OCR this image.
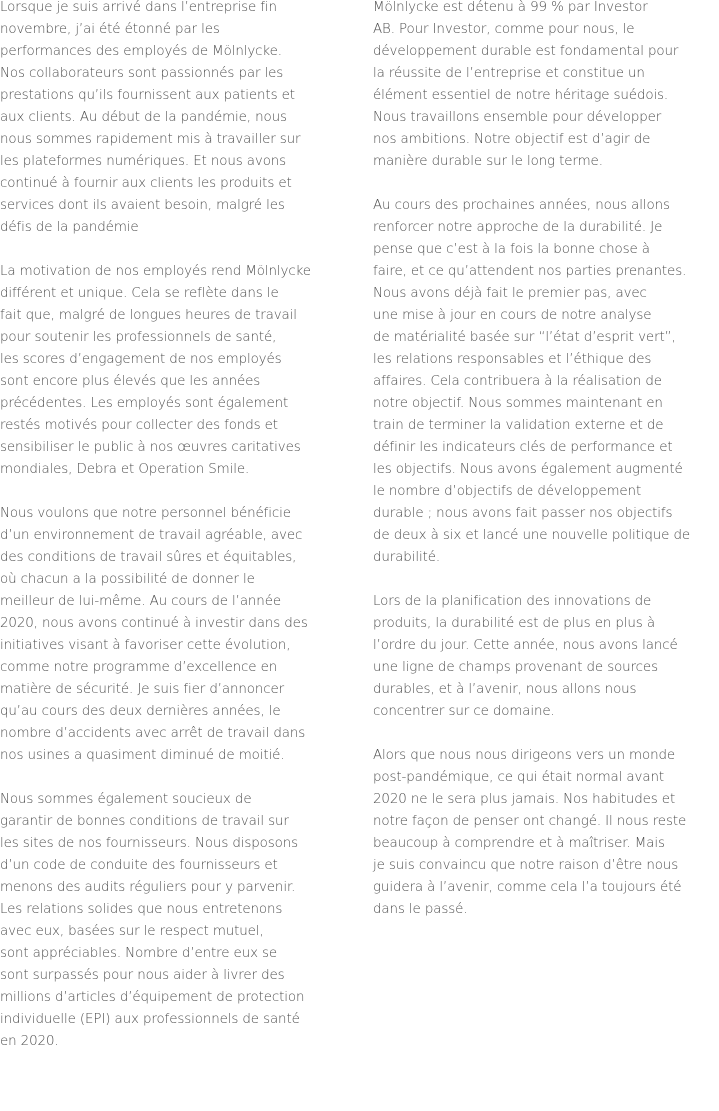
Lorsque je suis arrivé dans l’entreprise fin
novembre, j’ai été étonné par les
performances des employés de Mölnlycke.
Nos collaborateurs sont passionnés par les
prestations qu’ils fournissent aux patients et
aux clients. Au début de la pandémie, nous
nous sommes rapidement mis à travailler sur
les plateformes numériques. Et nous avons
continué à fournir aux clients les produits et
services dont ils avaient besoin, malgré les
défis de la pandémie

La motivation de nos employés rend Mölnlycke
différent et unique. Cela se reflète dans le
fait que, malgré de longues heures de travail
pour soutenir les professionnels de santé,
les scores d’engagement de nos employés
sont encore plus élevés que les années
précédentes. Les employés sont également
restés motivés pour collecter des fonds et
sensibiliser le public à nos œuvres caritatives
mondiales, Debra et Operation Smile.

Nous voulons que notre personnel bénéficie
d’un environnement de travail agréable, avec
des conditions de travail sûres et équitables,
où chacun a la possibilité de donner le
meilleur de lui-même. Au cours de l’année
2020, nous avons continué à investir dans des
initiatives visant à favoriser cette évolution,
comme notre programme d’excellence en
matière de sécurité. Je suis fier d’annoncer
qu’au cours des deux dernières années, le
nombre d’accidents avec arrêt de travail dans
nos usines a quasiment diminué de moitié.

Nous sommes également soucieux de
garantir de bonnes conditions de travail sur
les sites de nos fournisseurs. Nous disposons
d’un code de conduite des fournisseurs et
menons des audits réguliers pour y parvenir.
Les relations solides que nous entretenons
avec eux, basées sur le respect mutuel,
sont appréciables. Nombre d’entre eux se
sont surpassés pour nous aider à livrer des
millions d’articles d’équipement de protection
individuelle (EPI) aux professionnels de santé
en 2020.

Mölnlycke est détenu à 99 % par Investor
AB. Pour Investor, comme pour nous, le
développement durable est fondamental pour
la réussite de l’entreprise et constitue un
élément essentiel de notre héritage suédois.
Nous travaillons ensemble pour développer
nos ambitions. Notre objectif est d’agir de
manière durable sur le long terme.

Au cours des prochaines années, nous allons
renforcer notre approche de la durabilité. Je
pense que c’est à la fois la bonne chose à
faire, et ce qu’attendent nos parties prenantes.
Nous avons déjà fait le premier pas, avec
une mise à jour en cours de notre analyse
de matérialité basée sur “l’état d’esprit vert”,
les relations responsables et l’éthique des
affaires. Cela contribuera à la réalisation de
notre objectif. Nous sommes maintenant en
train de terminer la validation externe et de
définir les indicateurs clés de performance et
les objectifs. Nous avons également augmenté
le nombre d’objectifs de développement
durable ; nous avons fait passer nos objectifs
de deux à six et lancé une nouvelle politique de
durabilité.

Lors de la planification des innovations de
produits, la durabilité est de plus en plus à
l’ordre du jour. Cette année, nous avons lancé
une ligne de champs provenant de sources
durables, et à l’avenir, nous allons nous
concentrer sur ce domaine.

Alors que nous nous dirigeons vers un monde
post-pandémique, ce qui était normal avant
2020 ne le sera plus jamais. Nos habitudes et
notre façon de penser ont changé. Il nous reste
beaucoup à comprendre et à maîtriser. Mais
je suis convaincu que notre raison d’être nous
guidera à l’avenir, comme cela l’a toujours été
dans le passé.
